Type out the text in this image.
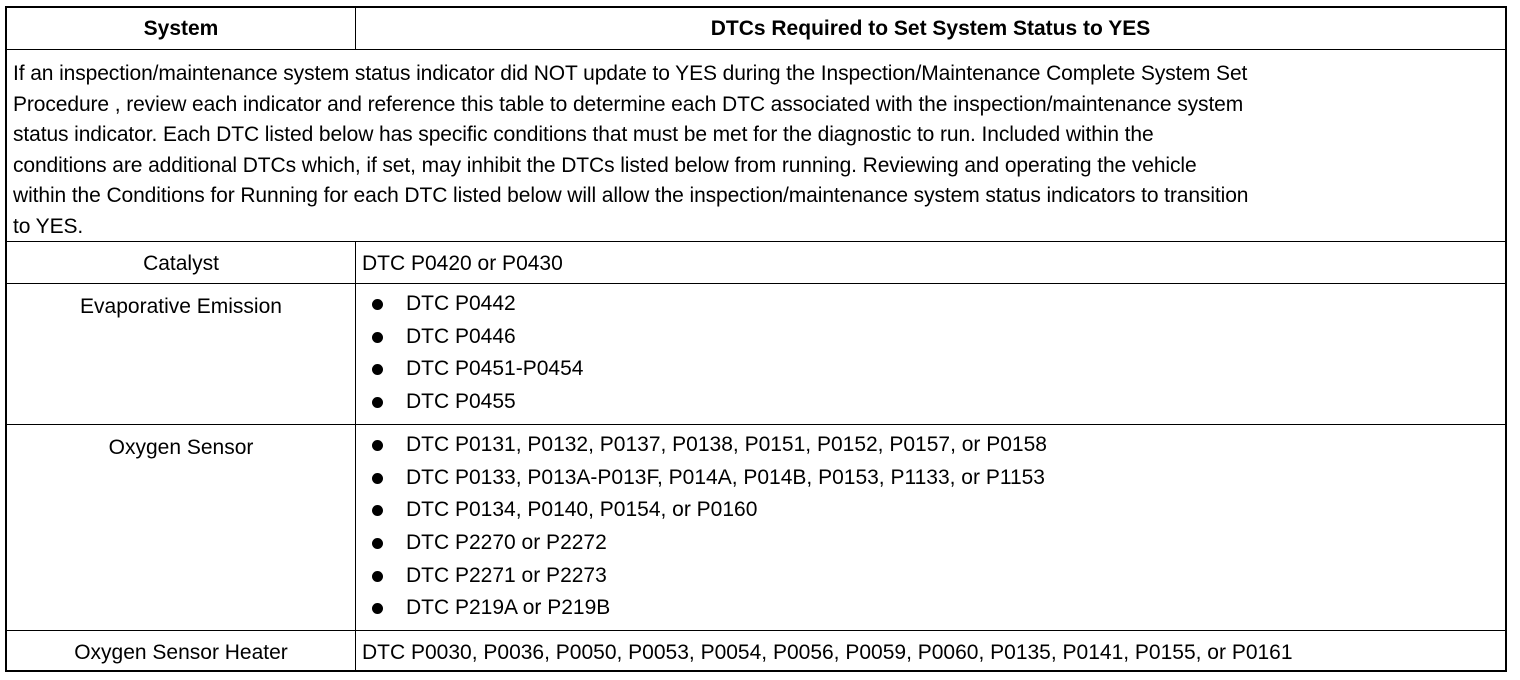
System	DTCs Required to Set System Status to YES
If an inspection/maintenance system status indicator did NOT update to YES during the Inspection/Maintenance Complete System Set
Procedure , review each indicator and reference this table to determine each DTC associated with the inspection/maintenance system
status indicator. Each DTC listed below has specific conditions that must be met for the diagnostic to run. Included within the
conditions are additional DTCs which, if set, may inhibit the DTCs listed below from running. Reviewing and operating the vehicle
within the Conditions for Running for each DTC listed below will allow the inspection/maintenance system status indicators to transition
to YES.
Catalyst	DTC P0420 or P0430
Evaporative Emission	DTC P0442
DTC P0446
DTC P0451-P0454
DTC P0455
Oxygen Sensor	DTC P0131, P0132, P0137, P0138, P0151, P0152, P0157, or P0158
DTC P0133, P013A-P013F, P014A, P014B, P0153, P1133, or P1153
DTC P0134, P0140, P0154, or P0160
DTC P2270 or P2272
DTC P2271 or P2273
DTC P219A or P219B
Oxygen Sensor Heater	DTC P0030, P0036, P0050, P0053, P0054, P0056, P0059, P0060, P0135, P0141, P0155, or P0161
